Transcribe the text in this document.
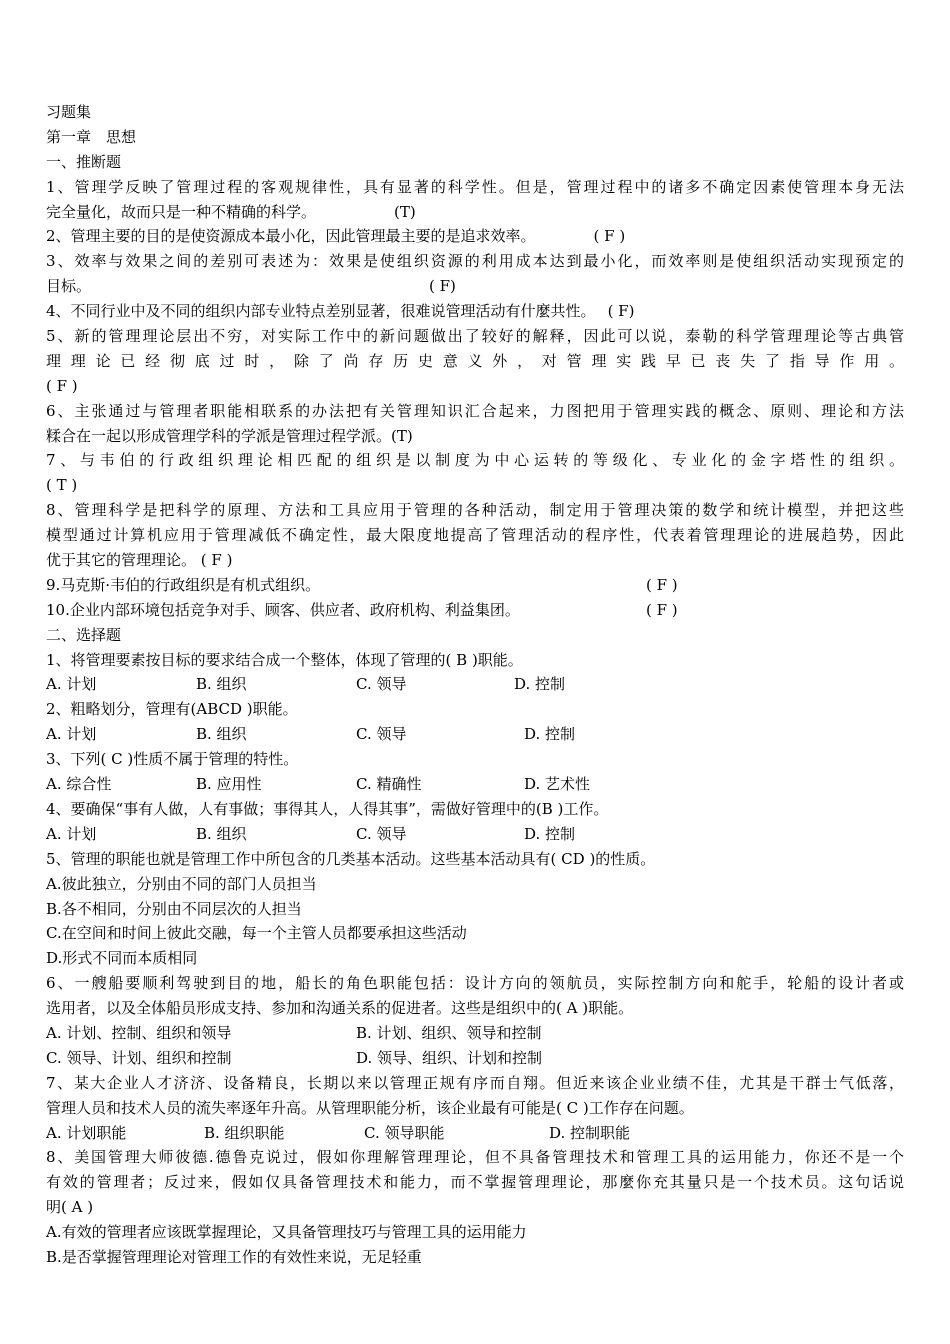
习题集
第一章　思想
一、推断题
1、管理学反映了管理过程的客观规律性，具有显著的科学性。但是，管理过程中的诸多不确定因素使管理本身无法
完全量化，故而只是一种不精确的科学。	(T)
2、管理主要的目的是使资源成本最小化，因此管理最主要的是追求效率。	( F )
3、效率与效果之间的差别可表述为：效果是使组织资源的利用成本达到最小化，而效率则是使组织活动实现预定的
目标。	( F)
4、不同行业中及不同的组织内部专业特点差别显著，很难说管理活动有什麼共性。 ( F)
5、新的管理理论层出不穷，对实际工作中的新问题做出了较好的解释，因此可以说，泰勒的科学管理理论等古典管
理 理 论 已 经 彻 底 过 时 ， 除 了 尚 存 历 史 意 义 外 ， 对 管 理 实 践 早 已 丧 失 了 指 导 作 用 。
( F )
6、主张通过与管理者职能相联系的办法把有关管理知识汇合起来，力图把用于管理实践的概念、原则、理论和方法
糅合在一起以形成管理学科的学派是管理过程学派。(T)
7、与韦伯的行政组织理论相匹配的组织是以制度为中心运转的等级化、专业化的金字塔性的组织。
( T )
8、管理科学是把科学的原理、方法和工具应用于管理的各种活动，制定用于管理决策的数学和统计模型，并把这些
模型通过计算机应用于管理减低不确定性，最大限度地提高了管理活动的程序性，代表着管理理论的进展趋势，因此
优于其它的管理理论。 ( F )
9.马克斯·韦伯的行政组织是有机式组织。	( F )
10.企业内部环境包括竞争对手、顾客、供应者、政府机构、利益集团。	( F )
二、选择题
1、将管理要素按目标的要求结合成一个整体，体现了管理的( B )职能。
A. 计划	B. 组织	C. 领导	D. 控制
2、粗略划分，管理有(ABCD )职能。
A. 计划	B. 组织	C. 领导	D. 控制
3、下列( C )性质不属于管理的特性。
A. 综合性	B. 应用性	C. 精确性	D. 艺术性
4、要确保“事有人做，人有事做；事得其人，人得其事”，需做好管理中的(B )工作。
A. 计划	B. 组织	C. 领导	D. 控制
5、管理的职能也就是管理工作中所包含的几类基本活动。这些基本活动具有( CD )的性质。
A.彼此独立，分别由不同的部门人员担当
B.各不相同，分别由不同层次的人担当
C.在空间和时间上彼此交融，每一个主管人员都要承担这些活动
D.形式不同而本质相同
6、一艘船要顺利驾驶到目的地，船长的角色职能包括：设计方向的领航员，实际控制方向和舵手，轮船的设计者或
选用者，以及全体船员形成支持、参加和沟通关系的促进者。这些是组织中的( A )职能。
A. 计划、控制、组织和领导	B. 计划、组织、领导和控制
C. 领导、计划、组织和控制	D. 领导、组织、计划和控制
7、某大企业人才济济、设备精良，长期以来以管理正规有序而自翔。但近来该企业业绩不佳，尤其是干群士气低落，
管理人员和技术人员的流失率逐年升高。从管理职能分析，该企业最有可能是( C )工作存在问题。
A. 计划职能	B. 组织职能	C. 领导职能	D. 控制职能
8、美国管理大师彼德.德鲁克说过，假如你理解管理理论，但不具备管理技术和管理工具的运用能力，你还不是一个
有效的管理者；反过来，假如仅具备管理技术和能力，而不掌握管理理论，那麼你充其量只是一个技术员。这句话说
明( A )
A.有效的管理者应该既掌握理论，又具备管理技巧与管理工具的运用能力
B.是否掌握管理理论对管理工作的有效性来说，无足轻重
